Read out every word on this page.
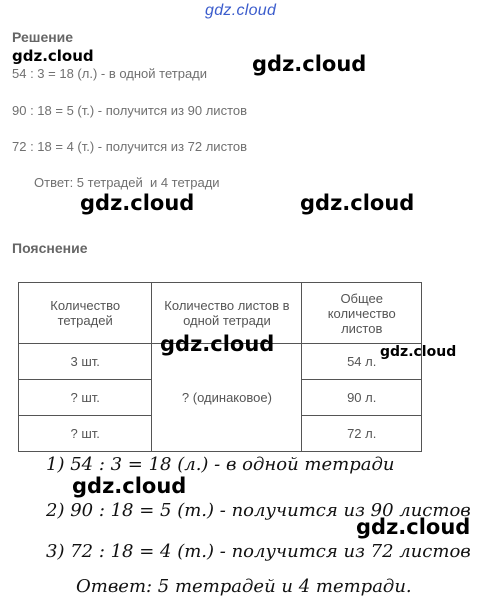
gdz.cloud
Решение
54 : 3 = 18 (л.) - в одной тетради
90 : 18 = 5 (т.) - получится из 90 листов
72 : 18 = 4 (т.) - получится из 72 листов
Ответ: 5 тетрадей  и 4 тетради
Пояснение
Количество тетрадей	Количество листов в одной тетради	Общее количество листов
3 шт.	? (одинаковое)	54 л.
? шт.		90 л.
? шт.		72 л.
1) 54 : 3 = 18 (л.) - в одной тетради
2) 90 : 18 = 5 (т.) - получится из 90 листов
3) 72 : 18 = 4 (т.) - получится из 72 листов
Ответ: 5 тетрадей и 4 тетради.
gdz.cloud	gdz.cloud
gdz.cloud	gdz.cloud
gdz.cloud	gdz.cloud
gdz.cloud
gdz.cloud
